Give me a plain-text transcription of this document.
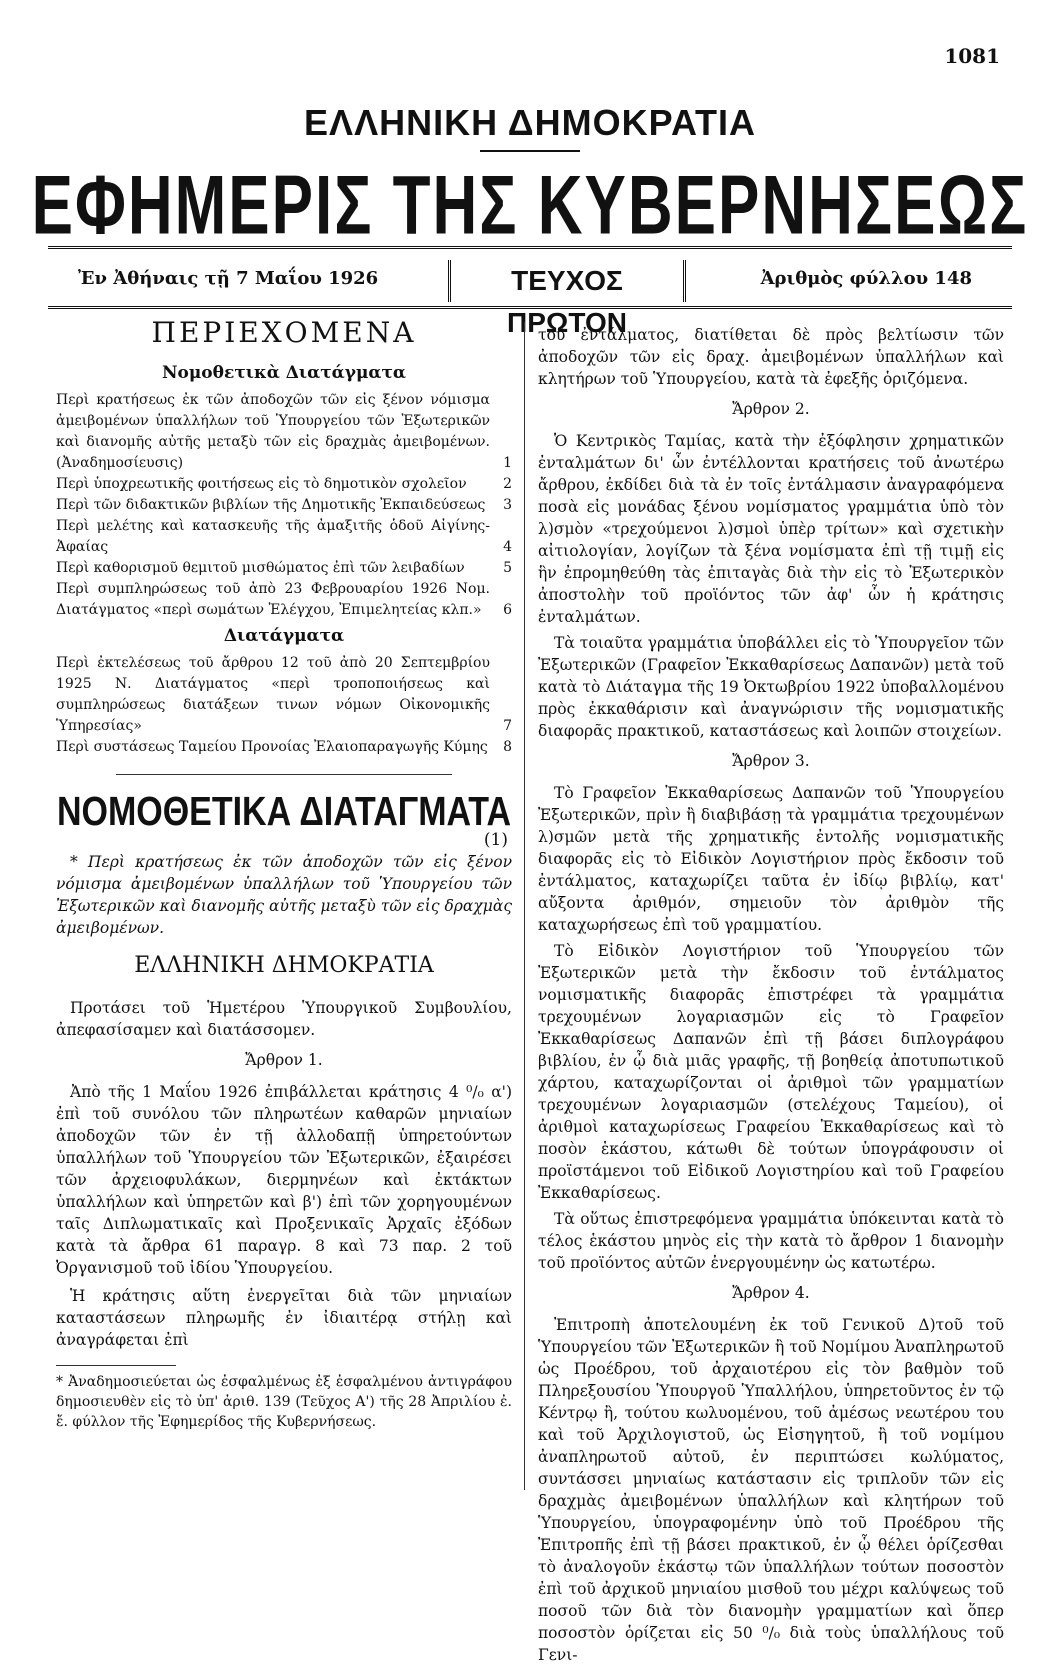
1081
ΕΛΛΗΝΙΚΗ ΔΗΜΟΚΡΑΤΙΑ
ΕΦΗΜΕΡΙΣ ΤΗΣ ΚΥΒΕΡΝΗΣΕΩΣ
Ἐν Ἀθήναις τῇ 7 Μαΐου 1926	ΤΕΥΧΟΣ ΠΡΩΤΟΝ
Ἀριθμὸς φύλλου 148
ΠΕΡΙΕΧΟΜΕΝΑ
Νομοθετικὰ Διατάγματα
Περὶ κρατήσεως ἐκ τῶν ἀποδοχῶν τῶν εἰς ξένον νόμισμα ἀμειβομένων ὑπαλλήλων τοῦ Ὑπουργείου τῶν Ἐξωτερικῶν καὶ διανομῆς αὐτῆς μεταξὺ τῶν εἰς δραχμὰς ἀμειβομένων. (Ἀναδημοσίευσις)	1
Περὶ ὑποχρεωτικῆς φοιτήσεως εἰς τὸ δημοτικὸν σχολεῖον	2
Περὶ τῶν διδακτικῶν βιβλίων τῆς Δημοτικῆς Ἐκπαιδεύσεως	3
Περὶ μελέτης καὶ κατασκευῆς τῆς ἀμαξιτῆς ὁδοῦ Αἰγίνης-Ἀφαίας	4
Περὶ καθορισμοῦ θεμιτοῦ μισθώματος ἐπὶ τῶν λειβαδίων	5
Περὶ συμπληρώσεως τοῦ ἀπὸ 23 Φεβρουαρίου 1926 Νομ. Διατάγματος «περὶ σωμάτων Ἐλέγχου, Ἐπιμελητείας κλπ.»	6
Διατάγματα
Περὶ ἐκτελέσεως τοῦ ἄρθρου 12 τοῦ ἀπὸ 20 Σεπτεμβρίου 1925 Ν. Διατάγματος «περὶ τροποποιήσεως καὶ συμπληρώσεως διατάξεων τινων νόμων Οἰκονομικῆς Ὑπηρεσίας»	7
Περὶ συστάσεως Ταμείου Προνοίας Ἐλαιοπαραγωγῆς Κύμης	8
ΝΟΜΟΘΕΤΙΚΑ ΔΙΑΤΑΓΜΑΤΑ
(1)
* Περὶ κρατήσεως ἐκ τῶν ἀποδοχῶν τῶν εἰς ξένον νόμισμα ἀμειβομένων ὑπαλλήλων τοῦ Ὑπουργείου τῶν Ἐξωτερικῶν καὶ διανομῆς αὐτῆς μεταξὺ τῶν εἰς δραχμὰς ἀμειβομένων.
ΕΛΛΗΝΙΚΗ ΔΗΜΟΚΡΑΤΙΑ
Προτάσει τοῦ Ἡμετέρου Ὑπουργικοῦ Συμβουλίου, ἀπεφασίσαμεν καὶ διατάσσομεν.
Ἄρθρον 1.
Ἀπὸ τῆς 1 Μαΐου 1926 ἐπιβάλλεται κράτησις 4 ⁰/₀ α') ἐπὶ τοῦ συνόλου τῶν πληρωτέων καθαρῶν μηνιαίων ἀποδοχῶν τῶν ἐν τῇ ἀλλοδαπῇ ὑπηρετούντων ὑπαλλήλων τοῦ Ὑπουργείου τῶν Ἐξωτερικῶν, ἐξαιρέσει τῶν ἀρχειοφυλάκων, διερμηνέων καὶ ἐκτάκτων ὑπαλλήλων καὶ ὑπηρετῶν καὶ β') ἐπὶ τῶν χορηγουμένων ταῖς Διπλωματικαῖς καὶ Προξενικαῖς Ἀρχαῖς ἐξόδων κατὰ τὰ ἄρθρα 61 παραγρ. 8 καὶ 73 παρ. 2 τοῦ Ὀργανισμοῦ τοῦ ἰδίου Ὑπουργείου.
Ἡ κράτησις αὕτη ἐνεργεῖται διὰ τῶν μηνιαίων καταστάσεων πληρωμῆς ἐν ἰδιαιτέρᾳ στήλῃ καὶ ἀναγράφεται ἐπὶ
* Ἀναδημοσιεύεται ὡς ἐσφαλμένως ἐξ ἐσφαλμένου ἀντιγράφου δημοσιευθὲν εἰς τὸ ὑπ' ἀριθ. 139 (Τεῦχος Α') τῆς 28 Ἀπριλίου ἐ. ἔ. φύλλον τῆς Ἐφημερίδος τῆς Κυβερνήσεως.
τοῦ ἐντάλματος, διατίθεται δὲ πρὸς βελτίωσιν τῶν ἀποδοχῶν τῶν εἰς δραχ. ἀμειβομένων ὑπαλλήλων καὶ κλητήρων τοῦ Ὑπουργείου, κατὰ τὰ ἐφεξῆς ὁριζόμενα.
Ἄρθρον 2.
Ὁ Κεντρικὸς Ταμίας, κατὰ τὴν ἐξόφλησιν χρηματικῶν ἐνταλμάτων δι' ὧν ἐντέλλονται κρατήσεις τοῦ ἀνωτέρω ἄρθρου, ἐκδίδει διὰ τὰ ἐν τοῖς ἐντάλμασιν ἀναγραφόμενα ποσὰ εἰς μονάδας ξένου νομίσματος γραμμάτια ὑπὸ τὸν λ)σμὸν «τρεχούμενοι λ)σμοὶ ὑπὲρ τρίτων» καὶ σχετικὴν αἰτιολογίαν, λογίζων τὰ ξένα νομίσματα ἐπὶ τῇ τιμῇ εἰς ἣν ἐπρομηθεύθη τὰς ἐπιταγὰς διὰ τὴν εἰς τὸ Ἐξωτερικὸν ἀποστολὴν τοῦ προϊόντος τῶν ἀφ' ὧν ἡ κράτησις ἐνταλμάτων.
Τὰ τοιαῦτα γραμμάτια ὑποβάλλει εἰς τὸ Ὑπουργεῖον τῶν Ἐξωτερικῶν (Γραφεῖον Ἐκκαθαρίσεως Δαπανῶν) μετὰ τοῦ κατὰ τὸ Διάταγμα τῆς 19 Ὀκτωβρίου 1922 ὑποβαλλομένου πρὸς ἐκκαθάρισιν καὶ ἀναγνώρισιν τῆς νομισματικῆς διαφορᾶς πρακτικοῦ, καταστάσεως καὶ λοιπῶν στοιχείων.
Ἄρθρον 3.
Τὸ Γραφεῖον Ἐκκαθαρίσεως Δαπανῶν τοῦ Ὑπουργείου Ἐξωτερικῶν, πρὶν ἢ διαβιβάσῃ τὰ γραμμάτια τρεχουμένων λ)σμῶν μετὰ τῆς χρηματικῆς ἐντολῆς νομισματικῆς διαφορᾶς εἰς τὸ Εἰδικὸν Λογιστήριον πρὸς ἔκδοσιν τοῦ ἐντάλματος, καταχωρίζει ταῦτα ἐν ἰδίῳ βιβλίῳ, κατ' αὔξοντα ἀριθμόν, σημειοῦν τὸν ἀριθμὸν τῆς καταχωρήσεως ἐπὶ τοῦ γραμματίου.
Τὸ Εἰδικὸν Λογιστήριον τοῦ Ὑπουργείου τῶν Ἐξωτερικῶν μετὰ τὴν ἔκδοσιν τοῦ ἐντάλματος νομισματικῆς διαφορᾶς ἐπιστρέφει τὰ γραμμάτια τρεχουμένων λογαριασμῶν εἰς τὸ Γραφεῖον Ἐκκαθαρίσεως Δαπανῶν ἐπὶ τῇ βάσει διπλογράφου βιβλίου, ἐν ᾧ διὰ μιᾶς γραφῆς, τῇ βοηθείᾳ ἀποτυπωτικοῦ χάρτου, καταχωρίζονται οἱ ἀριθμοὶ τῶν γραμματίων τρεχουμένων λογαριασμῶν (στελέχους Ταμείου), οἱ ἀριθμοὶ καταχωρίσεως Γραφείου Ἐκκαθαρίσεως καὶ τὸ ποσὸν ἑκάστου, κάτωθι δὲ τούτων ὑπογράφουσιν οἱ προϊστάμενοι τοῦ Εἰδικοῦ Λογιστηρίου καὶ τοῦ Γραφείου Ἐκκαθαρίσεως.
Τὰ οὕτως ἐπιστρεφόμενα γραμμάτια ὑπόκεινται κατὰ τὸ τέλος ἑκάστου μηνὸς εἰς τὴν κατὰ τὸ ἄρθρον 1 διανομὴν τοῦ προϊόντος αὐτῶν ἐνεργουμένην ὡς κατωτέρω.
Ἄρθρον 4.
Ἐπιτροπὴ ἀποτελουμένη ἐκ τοῦ Γενικοῦ Δ)τοῦ τοῦ Ὑπουργείου τῶν Ἐξωτερικῶν ἢ τοῦ Νομίμου Ἀναπληρωτοῦ ὡς Προέδρου, τοῦ ἀρχαιοτέρου εἰς τὸν βαθμὸν τοῦ Πληρεξουσίου Ὑπουργοῦ Ὑπαλλήλου, ὑπηρετοῦντος ἐν τῷ Κέντρῳ ἢ, τούτου κωλυομένου, τοῦ ἀμέσως νεωτέρου του καὶ τοῦ Ἀρχιλογιστοῦ, ὡς Εἰσηγητοῦ, ἢ τοῦ νομίμου ἀναπληρωτοῦ αὐτοῦ, ἐν περιπτώσει κωλύματος, συντάσσει μηνιαίως κατάστασιν εἰς τριπλοῦν τῶν εἰς δραχμὰς ἀμειβομένων ὑπαλλήλων καὶ κλητήρων τοῦ Ὑπουργείου, ὑπογραφομένην ὑπὸ τοῦ Προέδρου τῆς Ἐπιτροπῆς ἐπὶ τῇ βάσει πρακτικοῦ, ἐν ᾧ θέλει ὁρίζεσθαι τὸ ἀναλογοῦν ἑκάστῳ τῶν ὑπαλλήλων τούτων ποσοστὸν ἐπὶ τοῦ ἀρχικοῦ μηνιαίου μισθοῦ του μέχρι καλύψεως τοῦ ποσοῦ τῶν διὰ τὸν διανομὴν γραμματίων καὶ ὅπερ ποσοστὸν ὁρίζεται εἰς 50 ⁰/₀ διὰ τοὺς ὑπαλλήλους τοῦ Γενι-
